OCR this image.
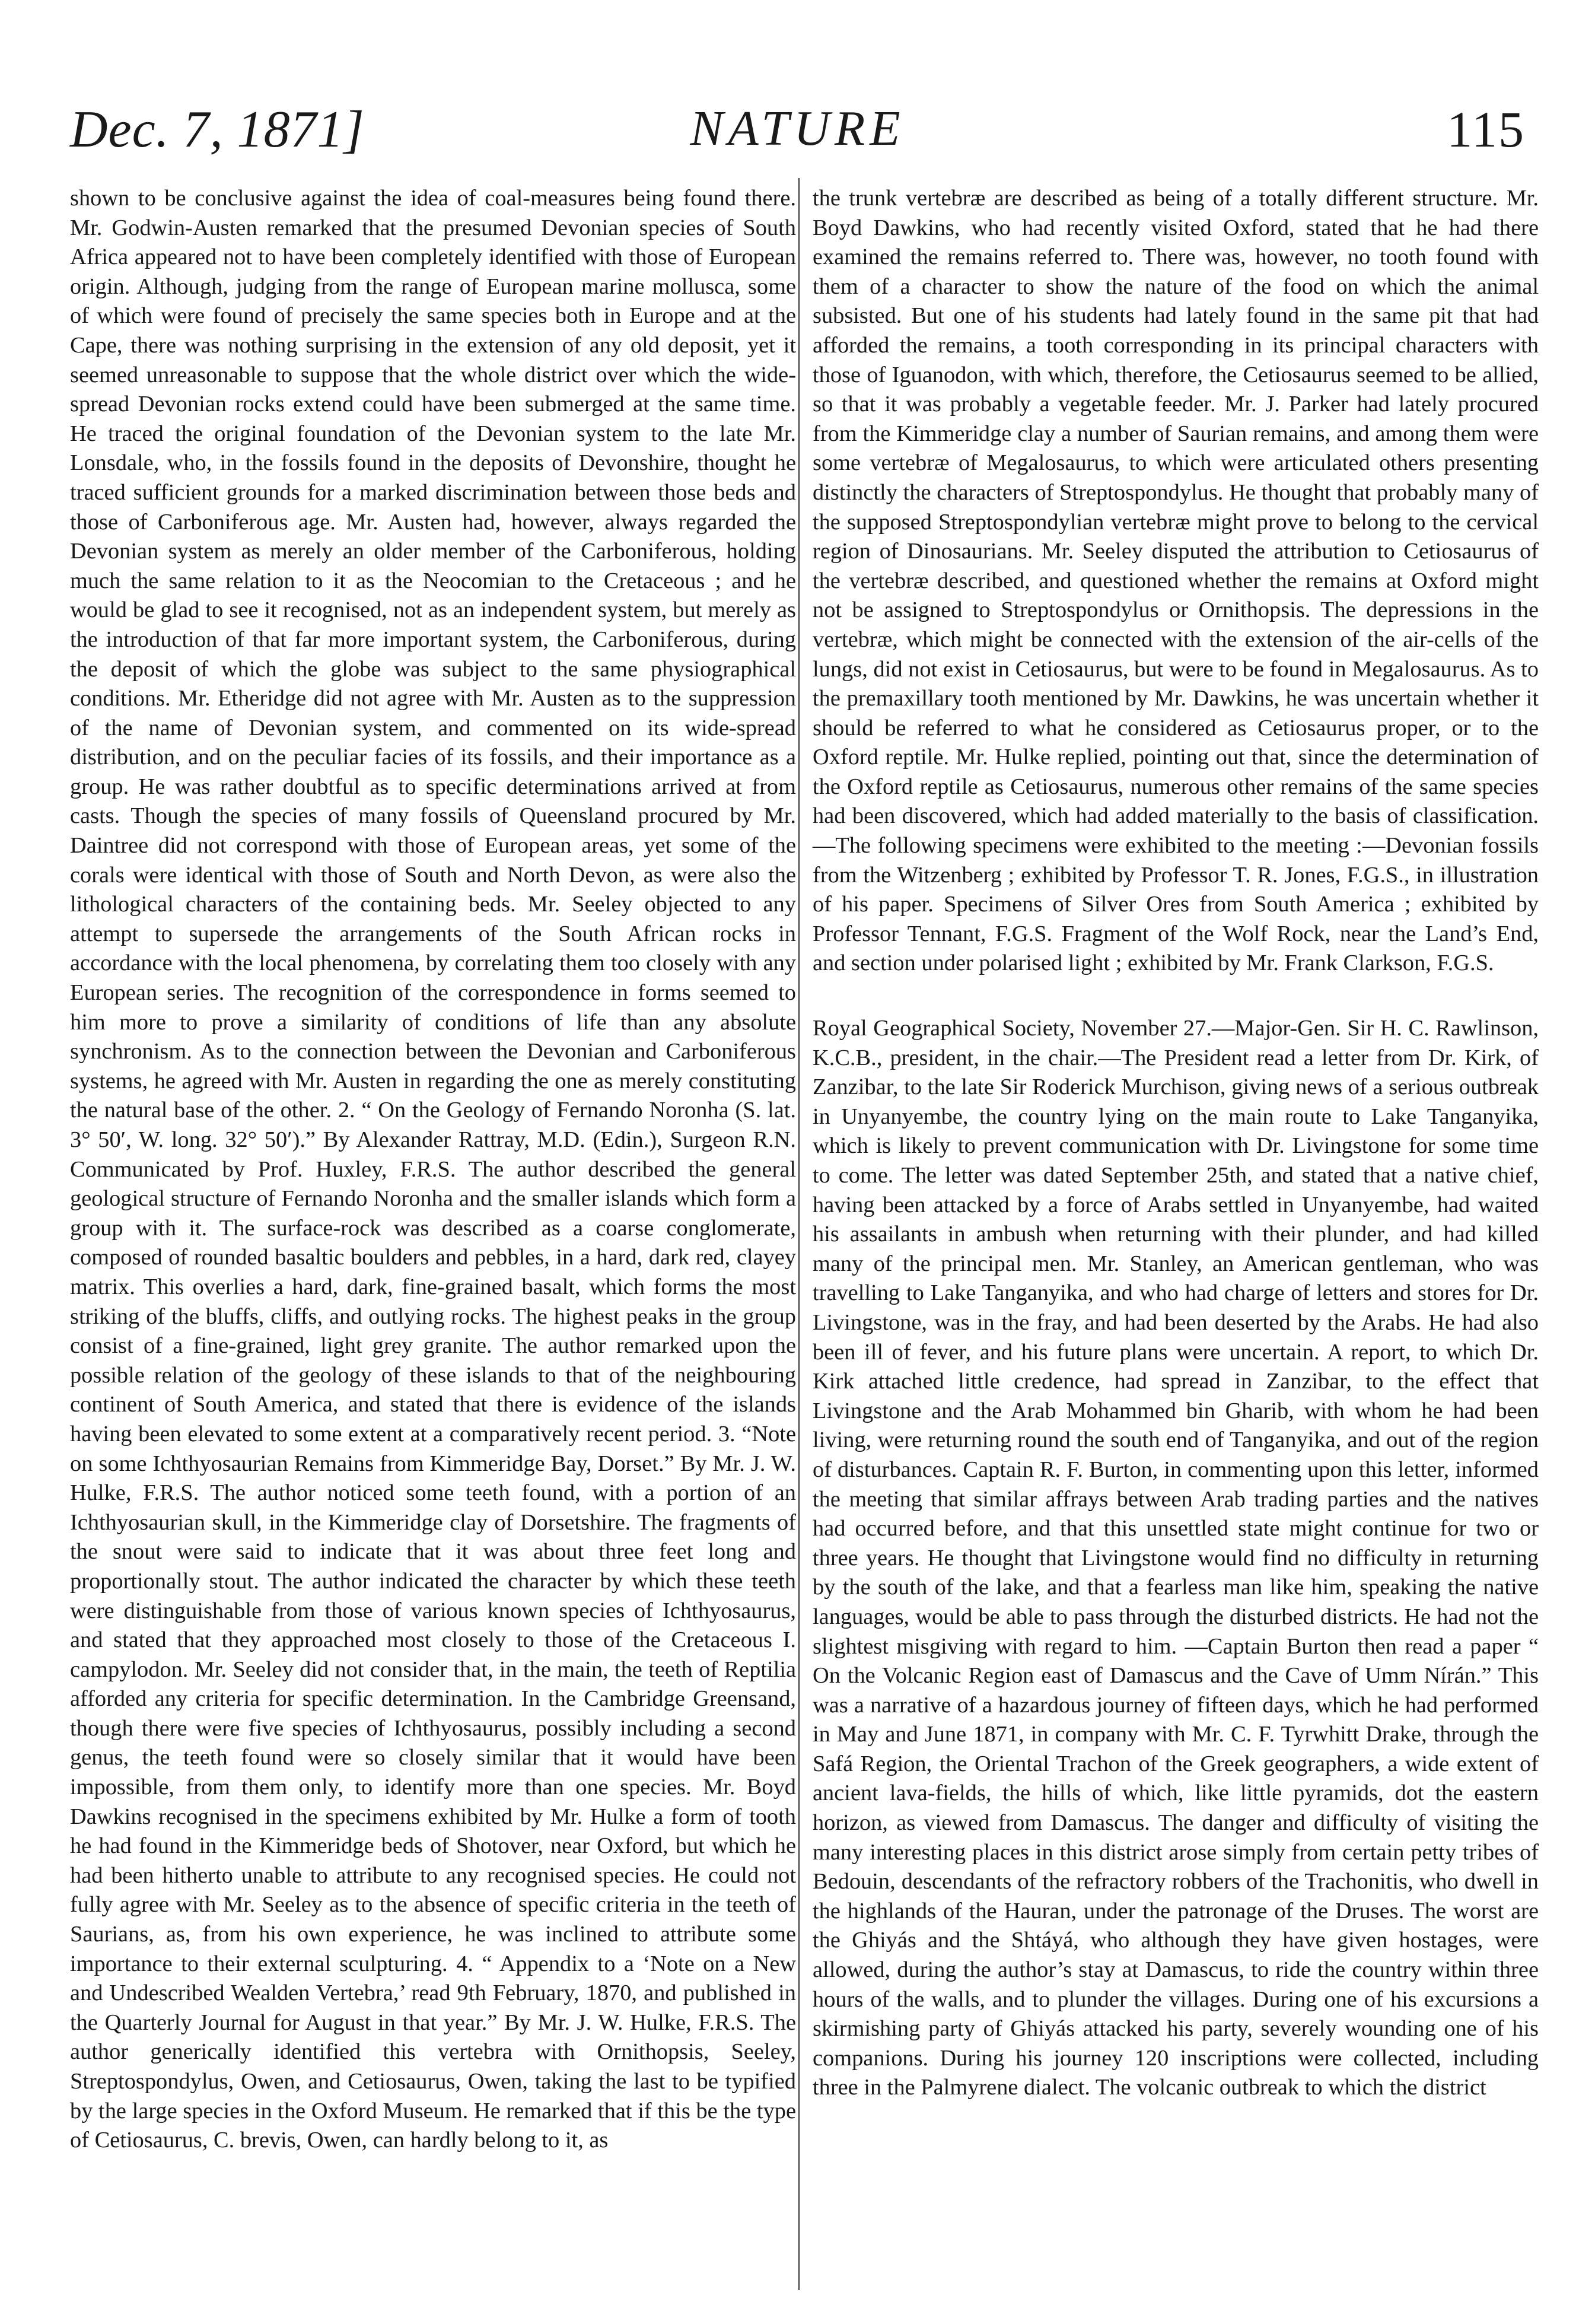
Dec. 7, 1871]	NATURE	115

shown to be conclusive against the idea of coal-measures being found there. Mr. Godwin-Austen remarked that the presumed Devonian species of South Africa appeared not to have been completely identified with those of European origin. Although, judging from the range of European marine mollusca, some of which were found of precisely the same species both in Europe and at the Cape, there was nothing surprising in the extension of any old deposit, yet it seemed unreasonable to suppose that the whole district over which the wide-spread Devonian rocks extend could have been submerged at the same time. He traced the original foundation of the Devonian system to the late Mr. Lonsdale, who, in the fossils found in the deposits of Devonshire, thought he traced sufficient grounds for a marked discrimination between those beds and those of Carboniferous age. Mr. Austen had, however, always regarded the Devonian system as merely an older member of the Carboniferous, holding much the same relation to it as the Neocomian to the Cretaceous ; and he would be glad to see it recognised, not as an independent system, but merely as the introduction of that far more important system, the Carboniferous, during the deposit of which the globe was subject to the same physiographical conditions. Mr. Etheridge did not agree with Mr. Austen as to the suppression of the name of Devonian system, and commented on its wide-spread distribution, and on the peculiar facies of its fossils, and their importance as a group. He was rather doubtful as to specific determinations arrived at from casts. Though the species of many fossils of Queensland procured by Mr. Daintree did not correspond with those of European areas, yet some of the corals were identical with those of South and North Devon, as were also the lithological characters of the containing beds. Mr. Seeley objected to any attempt to supersede the arrangements of the South African rocks in accordance with the local phenomena, by correlating them too closely with any European series. The recognition of the correspondence in forms seemed to him more to prove a similarity of conditions of life than any absolute synchronism. As to the connection between the Devonian and Carboniferous systems, he agreed with Mr. Austen in regarding the one as merely constituting the natural base of the other. 2. “ On the Geology of Fernando Noronha (S. lat. 3° 50′, W. long. 32° 50′).” By Alexander Rattray, M.D. (Edin.), Surgeon R.N. Communicated by Prof. Huxley, F.R.S. The author described the general geological structure of Fernando Noronha and the smaller islands which form a group with it. The surface-rock was described as a coarse conglomerate, composed of rounded basaltic boulders and pebbles, in a hard, dark red, clayey matrix. This overlies a hard, dark, fine-grained basalt, which forms the most striking of the bluffs, cliffs, and outlying rocks. The highest peaks in the group consist of a fine-grained, light grey granite. The author remarked upon the possible relation of the geology of these islands to that of the neighbouring continent of South America, and stated that there is evidence of the islands having been elevated to some extent at a comparatively recent period. 3. “Note on some Ichthyosaurian Remains from Kimmeridge Bay, Dorset.” By Mr. J. W. Hulke, F.R.S. The author noticed some teeth found, with a portion of an Ichthyosaurian skull, in the Kimmeridge clay of Dorsetshire. The fragments of the snout were said to indicate that it was about three feet long and proportionally stout. The author indicated the character by which these teeth were distinguishable from those of various known species of Ichthyosaurus, and stated that they approached most closely to those of the Cretaceous I. campylodon. Mr. Seeley did not consider that, in the main, the teeth of Reptilia afforded any criteria for specific determination. In the Cambridge Greensand, though there were five species of Ichthyosaurus, possibly including a second genus, the teeth found were so closely similar that it would have been impossible, from them only, to identify more than one species. Mr. Boyd Dawkins recognised in the specimens exhibited by Mr. Hulke a form of tooth he had found in the Kimmeridge beds of Shotover, near Oxford, but which he had been hitherto unable to attribute to any recognised species. He could not fully agree with Mr. Seeley as to the absence of specific criteria in the teeth of Saurians, as, from his own experience, he was inclined to attribute some importance to their external sculpturing. 4. “ Appendix to a ‘Note on a New and Undescribed Wealden Vertebra,’ read 9th February, 1870, and published in the Quarterly Journal for August in that year.” By Mr. J. W. Hulke, F.R.S. The author generically identified this vertebra with Ornithopsis, Seeley, Streptospondylus, Owen, and Cetiosaurus, Owen, taking the last to be typified by the large species in the Oxford Museum. He remarked that if this be the type of Cetiosaurus, C. brevis, Owen, can hardly belong to it, as

the trunk vertebræ are described as being of a totally different structure. Mr. Boyd Dawkins, who had recently visited Oxford, stated that he had there examined the remains referred to. There was, however, no tooth found with them of a character to show the nature of the food on which the animal subsisted. But one of his students had lately found in the same pit that had afforded the remains, a tooth corresponding in its principal characters with those of Iguanodon, with which, therefore, the Cetiosaurus seemed to be allied, so that it was probably a vegetable feeder. Mr. J. Parker had lately procured from the Kimmeridge clay a number of Saurian remains, and among them were some vertebræ of Megalosaurus, to which were articulated others presenting distinctly the characters of Streptospondylus. He thought that probably many of the supposed Streptospondylian vertebræ might prove to belong to the cervical region of Dinosaurians. Mr. Seeley disputed the attribution to Cetiosaurus of the vertebræ described, and questioned whether the remains at Oxford might not be assigned to Streptospondylus or Ornithopsis. The depressions in the vertebræ, which might be connected with the extension of the air-cells of the lungs, did not exist in Cetiosaurus, but were to be found in Megalosaurus. As to the premaxillary tooth mentioned by Mr. Dawkins, he was uncertain whether it should be referred to what he considered as Cetiosaurus proper, or to the Oxford reptile. Mr. Hulke replied, pointing out that, since the determination of the Oxford reptile as Cetiosaurus, numerous other remains of the same species had been discovered, which had added materially to the basis of classification.—The following specimens were exhibited to the meeting :—Devonian fossils from the Witzenberg ; exhibited by Professor T. R. Jones, F.G.S., in illustration of his paper. Specimens of Silver Ores from South America ; exhibited by Professor Tennant, F.G.S. Fragment of the Wolf Rock, near the Land’s End, and section under polarised light ; exhibited by Mr. Frank Clarkson, F.G.S.

Royal Geographical Society, November 27.—Major-Gen. Sir H. C. Rawlinson, K.C.B., president, in the chair.—The President read a letter from Dr. Kirk, of Zanzibar, to the late Sir Roderick Murchison, giving news of a serious outbreak in Unyanyembe, the country lying on the main route to Lake Tanganyika, which is likely to prevent communication with Dr. Livingstone for some time to come. The letter was dated September 25th, and stated that a native chief, having been attacked by a force of Arabs settled in Unyanyembe, had waited his assailants in ambush when returning with their plunder, and had killed many of the principal men. Mr. Stanley, an American gentleman, who was travelling to Lake Tanganyika, and who had charge of letters and stores for Dr. Livingstone, was in the fray, and had been deserted by the Arabs. He had also been ill of fever, and his future plans were uncertain. A report, to which Dr. Kirk attached little credence, had spread in Zanzibar, to the effect that Livingstone and the Arab Mohammed bin Gharib, with whom he had been living, were returning round the south end of Tanganyika, and out of the region of disturbances. Captain R. F. Burton, in commenting upon this letter, informed the meeting that similar affrays between Arab trading parties and the natives had occurred before, and that this unsettled state might continue for two or three years. He thought that Livingstone would find no difficulty in returning by the south of the lake, and that a fearless man like him, speaking the native languages, would be able to pass through the disturbed districts. He had not the slightest misgiving with regard to him. —Captain Burton then read a paper “ On the Volcanic Region east of Damascus and the Cave of Umm Nírán.” This was a narrative of a hazardous journey of fifteen days, which he had performed in May and June 1871, in company with Mr. C. F. Tyrwhitt Drake, through the Safá Region, the Oriental Trachon of the Greek geographers, a wide extent of ancient lava-fields, the hills of which, like little pyramids, dot the eastern horizon, as viewed from Damascus. The danger and difficulty of visiting the many interesting places in this district arose simply from certain petty tribes of Bedouin, descendants of the refractory robbers of the Trachonitis, who dwell in the highlands of the Hauran, under the patronage of the Druses. The worst are the Ghiyás and the Shtáyá, who although they have given hostages, were allowed, during the author’s stay at Damascus, to ride the country within three hours of the walls, and to plunder the villages. During one of his excursions a skirmishing party of Ghiyás attacked his party, severely wounding one of his companions. During his journey 120 inscriptions were collected, including three in the Palmyrene dialect. The volcanic outbreak to which the district
